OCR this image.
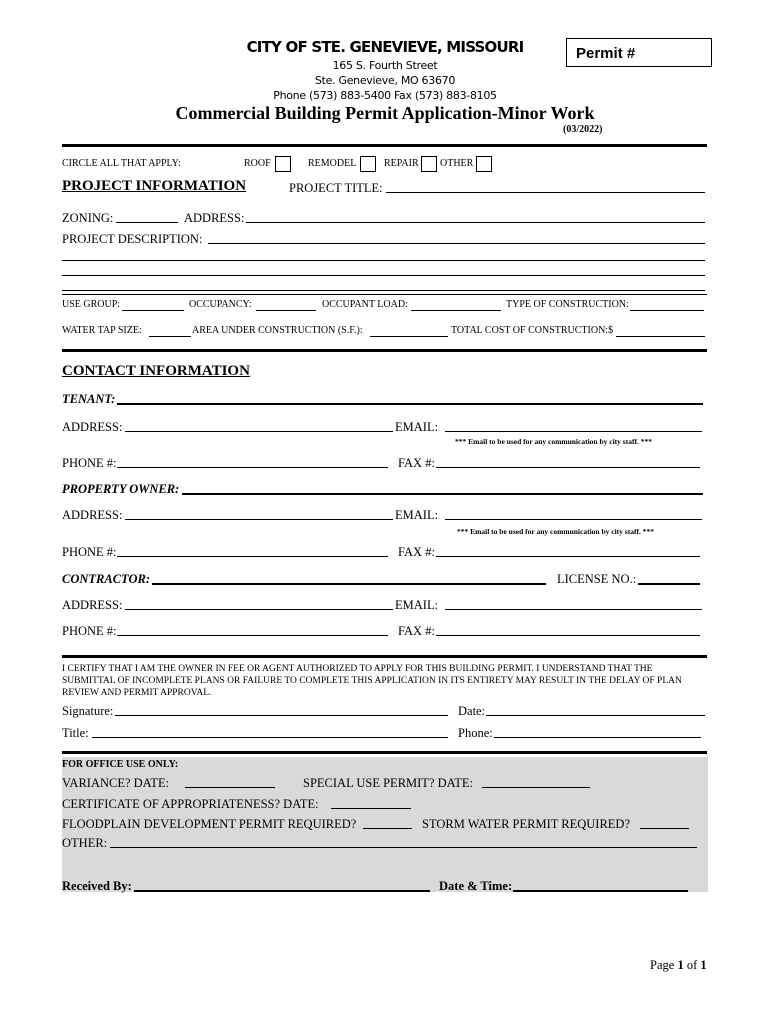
CITY OF STE. GENEVIEVE, MISSOURI
165 S. Fourth Street
Ste. Genevieve, MO 63670
Phone (573) 883-5400 Fax (573) 883-8105
Permit #
Commercial Building Permit Application-Minor Work
(03/2022)
CIRCLE ALL THAT APPLY:	ROOF	REMODEL	REPAIR OTHER
PROJECT INFORMATION	PROJECT TITLE:
ZONING:	ADDRESS:
PROJECT DESCRIPTION:
USE GROUP:	OCCUPANCY:	OCCUPANT LOAD:	TYPE OF CONSTRUCTION:
WATER TAP SIZE:	AREA UNDER CONSTRUCTION (S.F.):	TOTAL COST OF CONSTRUCTION:$
CONTACT INFORMATION
TENANT:
ADDRESS:	EMAIL:
*** Email to be used for any communication by city staff. ***
PHONE #:	FAX #:
PROPERTY OWNER:
ADDRESS:	EMAIL:
*** Email to be used for any communication by city staff. ***
PHONE #:	FAX #:
CONTRACTOR:	LICENSE NO.:
ADDRESS:	EMAIL:
PHONE #:	FAX #:
I CERTIFY THAT I AM THE OWNER IN FEE OR AGENT AUTHORIZED TO APPLY FOR THIS BUILDING PERMIT. I UNDERSTAND THAT THE SUBMITTAL OF INCOMPLETE PLANS OR FAILURE TO COMPLETE THIS APPLICATION IN ITS ENTIRETY MAY RESULT IN THE DELAY OF PLAN REVIEW AND PERMIT APPROVAL.
Signature:	Date:
Title:	Phone:
FOR OFFICE USE ONLY:
VARIANCE? DATE:	SPECIAL USE PERMIT? DATE:
CERTIFICATE OF APPROPRIATENESS? DATE:
FLOODPLAIN DEVELOPMENT PERMIT REQUIRED?	STORM WATER PERMIT REQUIRED?
OTHER:
Received By:	Date & Time:
Page 1 of 1
